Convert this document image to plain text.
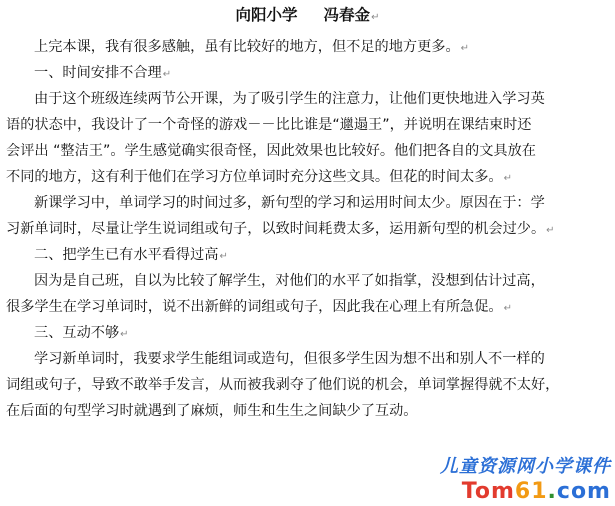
向阳小学 冯春金↵
上完本课，我有很多感触，虽有比较好的地方，但不足的地方更多。↵
一、时间安排不合理↵
由于这个班级连续两节公开课，为了吸引学生的注意力，让他们更快地进入学习英
语的状态中，我设计了一个奇怪的游戏－－比比谁是“邋遢王”，并说明在课结束时还
会评出 “整洁王”。学生感觉确实很奇怪，因此效果也比较好。他们把各自的文具放在
不同的地方，这有利于他们在学习方位单词时充分这些文具。但花的时间太多。↵
新课学习中，单词学习的时间过多，新句型的学习和运用时间太少。原因在于：学
习新单词时，尽量让学生说词组或句子，以致时间耗费太多，运用新句型的机会过少。↵
二、把学生已有水平看得过高↵
因为是自己班，自以为比较了解学生，对他们的水平了如指掌，没想到估计过高，
很多学生在学习单词时，说不出新鲜的词组或句子，因此我在心理上有所急促。↵
三、互动不够↵
学习新单词时，我要求学生能组词或造句，但很多学生因为想不出和别人不一样的
词组或句子，导致不敢举手发言，从而被我剥夺了他们说的机会，单词掌握得就不太好，
在后面的句型学习时就遇到了麻烦，师生和生生之间缺少了互动。
儿童资源网小学课件
Tom61.com
